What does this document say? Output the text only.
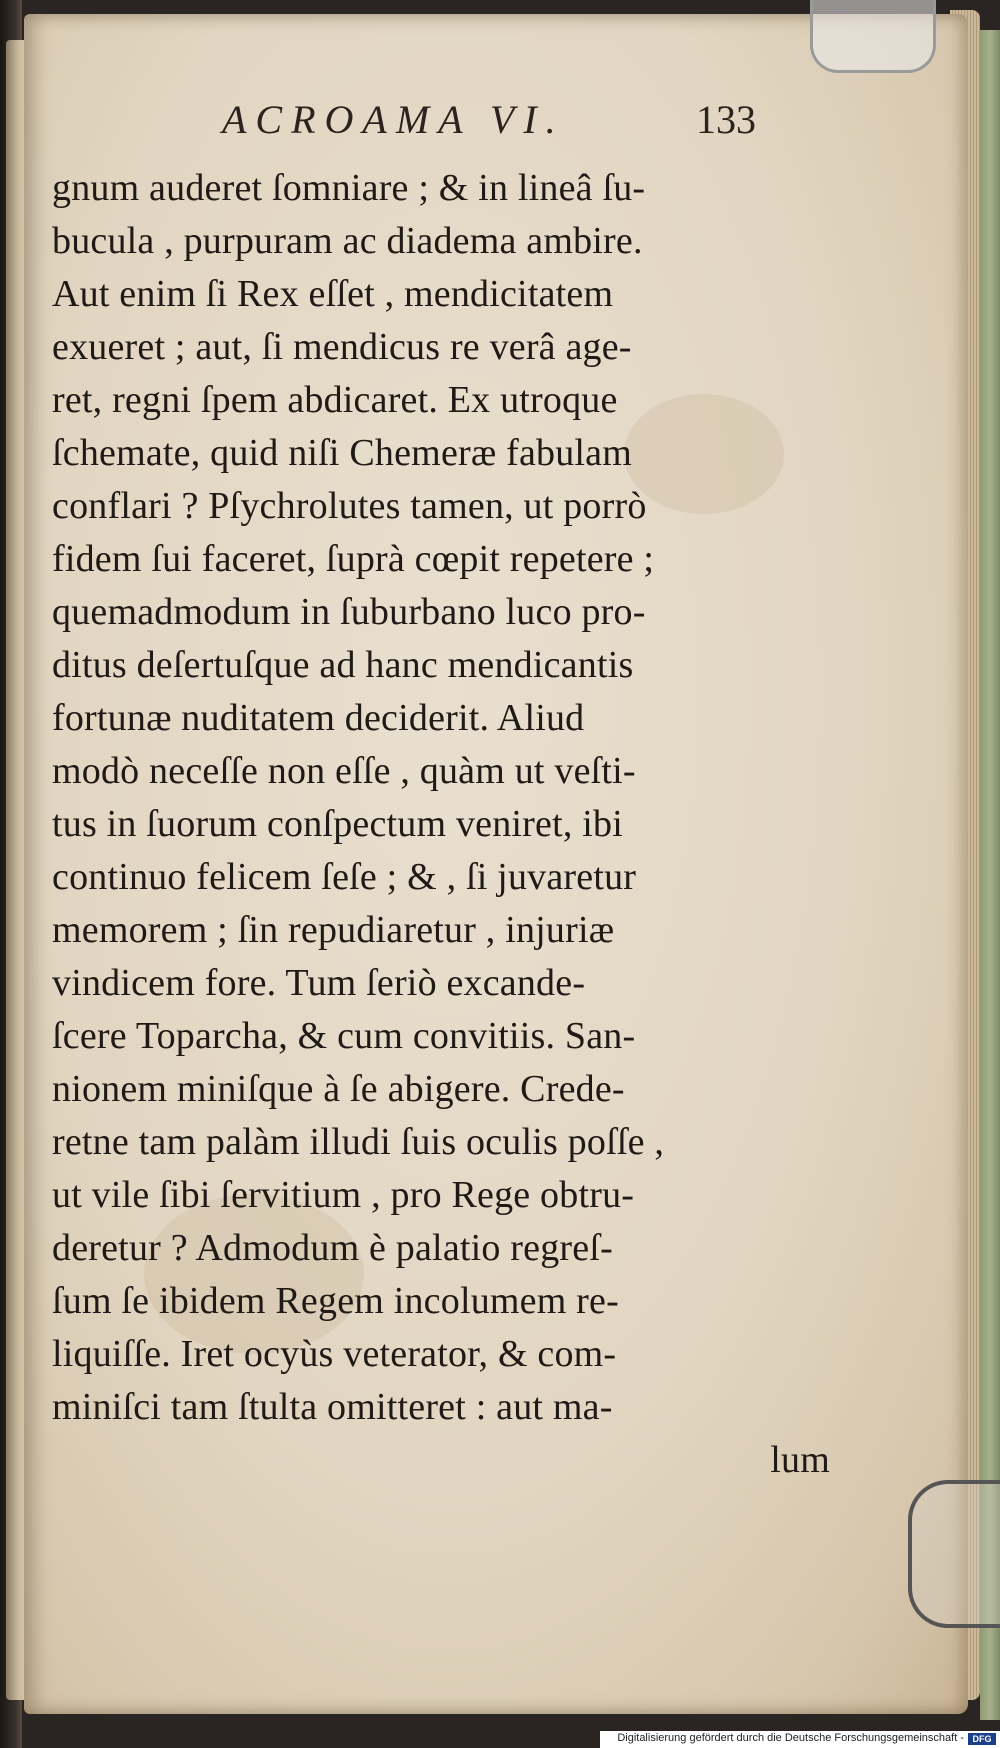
ACROAMA VI.	133
gnum auderet ſomniare ; & in lineâ ſu-
bucula , purpuram ac diadema ambire.
Aut enim ſi Rex eſſet , mendicitatem
exueret ; aut, ſi mendicus re verâ age-
ret, regni ſpem abdicaret. Ex utroque
ſchemate, quid niſi Chemeræ fabulam
conflari ? Pſychrolutes tamen, ut porrò
fidem ſui faceret, ſuprà cœpit repetere ;
quemadmodum in ſuburbano luco pro-
ditus deſertuſque ad hanc mendicantis
fortunæ nuditatem deciderit. Aliud
modò neceſſe non eſſe , quàm ut veſti-
tus in ſuorum conſpectum veniret, ibi
continuo felicem ſeſe ; & , ſi juvaretur
memorem ; ſin repudiaretur , injuriæ
vindicem fore. Tum ſeriò excande-
ſcere Toparcha, & cum convitiis. San-
nionem miniſque à ſe abigere. Crede-
retne tam palàm illudi ſuis oculis poſſe ,
ut vile ſibi ſervitium , pro Rege obtru-
deretur ? Admodum è palatio regreſ-
ſum ſe ibidem Regem incolumem re-
liquiſſe. Iret ocyùs veterator, & com-
miniſci tam ſtulta omitteret : aut ma-
lum
Digitalisierung gefördert durch die Deutsche Forschungsgemeinschaft - DFG
